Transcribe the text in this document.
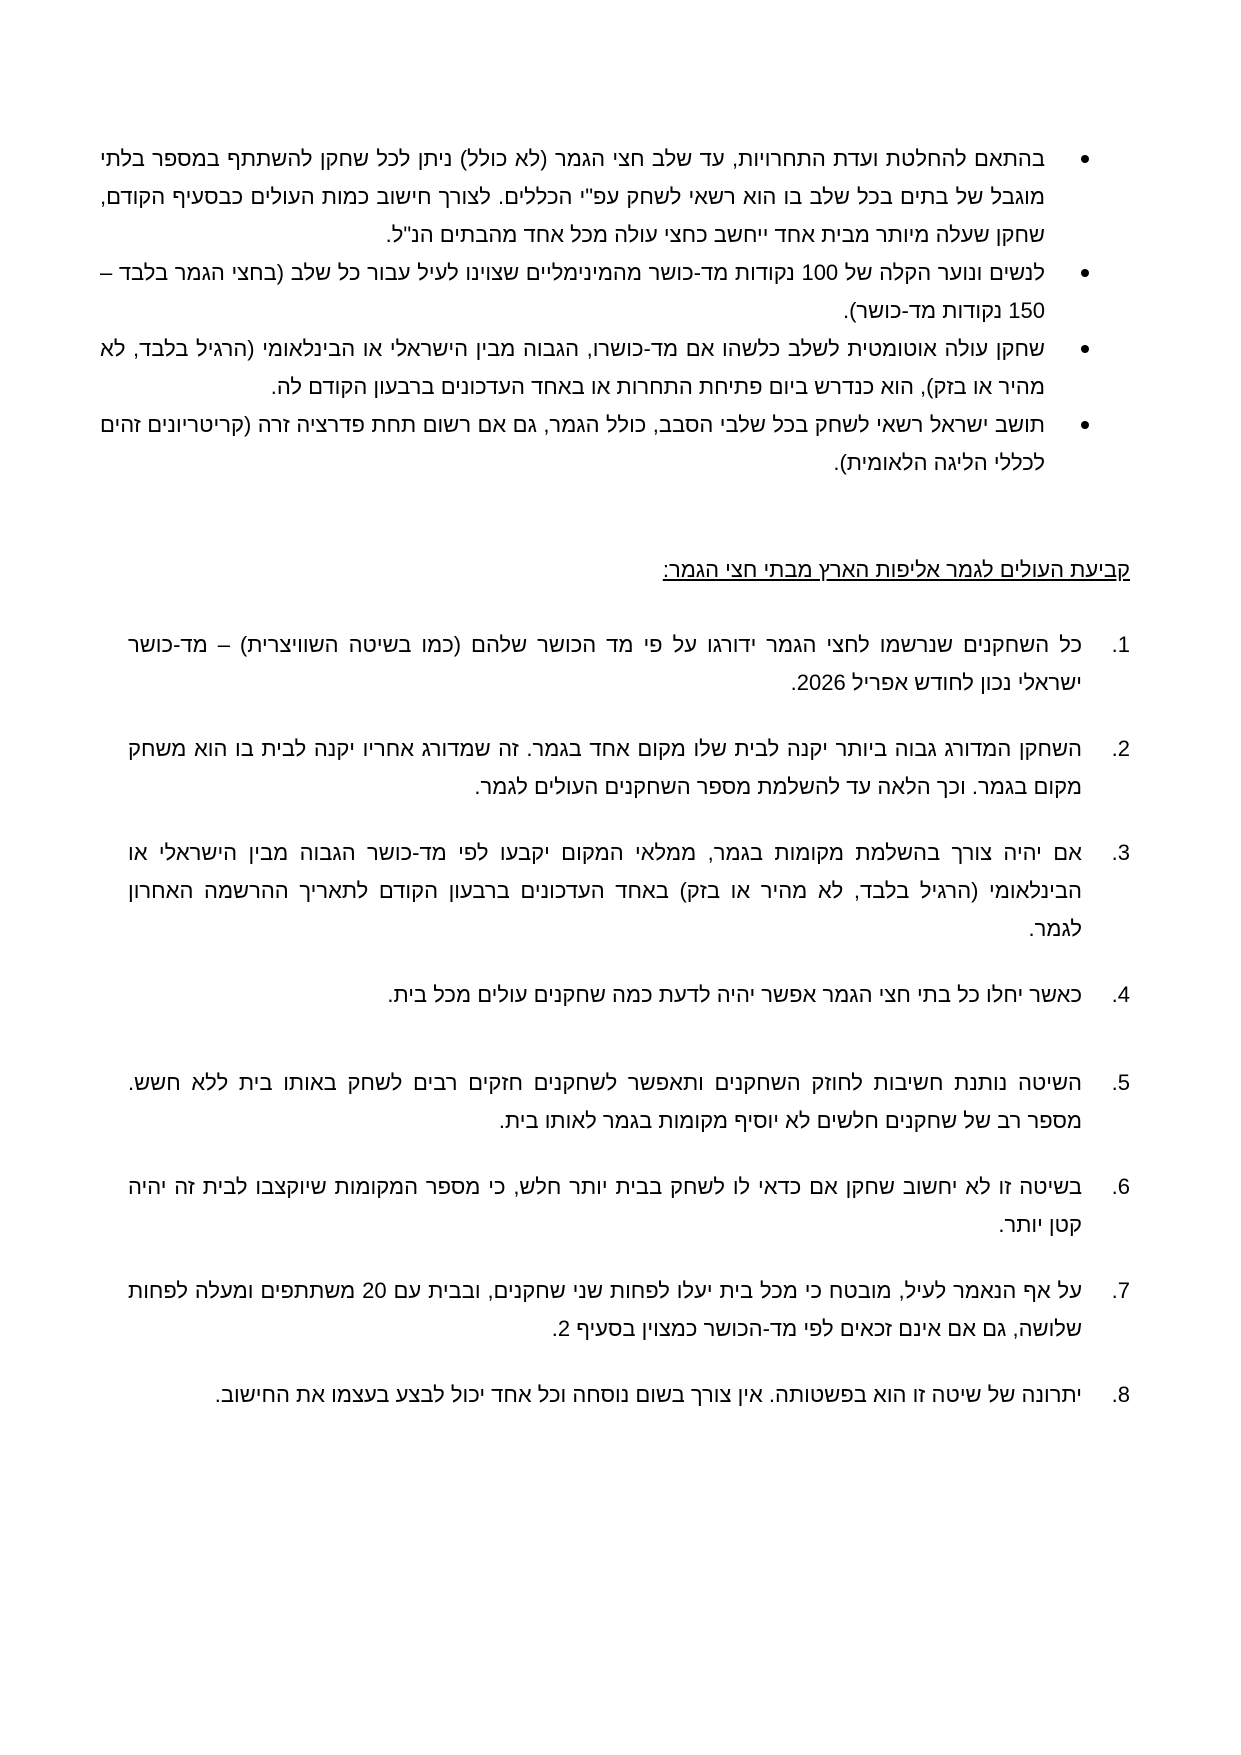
בהתאם להחלטת ועדת התחרויות, עד שלב חצי הגמר (לא כולל) ניתן לכל שחקן להשתתף במספר בלתי מוגבל של בתים בכל שלב בו הוא רשאי לשחק עפ"י הכללים. לצורך חישוב כמות העולים כבסעיף הקודם, שחקן שעלה מיותר מבית אחד ייחשב כחצי עולה מכל אחד מהבתים הנ"ל.
לנשים ונוער הקלה של 100 נקודות מד-כושר מהמינימליים שצוינו לעיל עבור כל שלב (בחצי הגמר בלבד – 150 נקודות מד-כושר).
שחקן עולה אוטומטית לשלב כלשהו אם מד-כושרו, הגבוה מבין הישראלי או הבינלאומי (הרגיל בלבד, לא מהיר או בזק), הוא כנדרש ביום פתיחת התחרות או באחד העדכונים ברבעון הקודם לה.
תושב ישראל רשאי לשחק בכל שלבי הסבב, כולל הגמר, גם אם רשום תחת פדרציה זרה (קריטריונים זהים לכללי הליגה הלאומית).
קביעת העולים לגמר אליפות הארץ מבתי חצי הגמר:
1.
כל השחקנים שנרשמו לחצי הגמר ידורגו על פי מד הכושר שלהם (כמו בשיטה השוויצרית) – מד-כושר ישראלי נכון לחודש אפריל 2026.
2.
השחקן המדורג גבוה ביותר יקנה לבית שלו מקום אחד בגמר. זה שמדורג אחריו יקנה לבית בו הוא משחק מקום בגמר. וכך הלאה עד להשלמת מספר השחקנים העולים לגמר.
3.
אם יהיה צורך בהשלמת מקומות בגמר, ממלאי המקום יקבעו לפי מד-כושר הגבוה מבין הישראלי או הבינלאומי (הרגיל בלבד, לא מהיר או בזק) באחד העדכונים ברבעון הקודם לתאריך ההרשמה האחרון לגמר.
4.
כאשר יחלו כל בתי חצי הגמר אפשר יהיה לדעת כמה שחקנים עולים מכל בית.
5.
השיטה נותנת חשיבות לחוזק השחקנים ותאפשר לשחקנים חזקים רבים לשחק באותו בית ללא חשש. מספר רב של שחקנים חלשים לא יוסיף מקומות בגמר לאותו בית.
6.
בשיטה זו לא יחשוב שחקן אם כדאי לו לשחק בבית יותר חלש, כי מספר המקומות שיוקצבו לבית זה יהיה קטן יותר.
7.
על אף הנאמר לעיל, מובטח כי מכל בית יעלו לפחות שני שחקנים, ובבית עם 20 משתתפים ומעלה לפחות שלושה, גם אם אינם זכאים לפי מד-הכושר כמצוין בסעיף 2.
8.
יתרונה של שיטה זו הוא בפשטותה. אין צורך בשום נוסחה וכל אחד יכול לבצע בעצמו את החישוב.
